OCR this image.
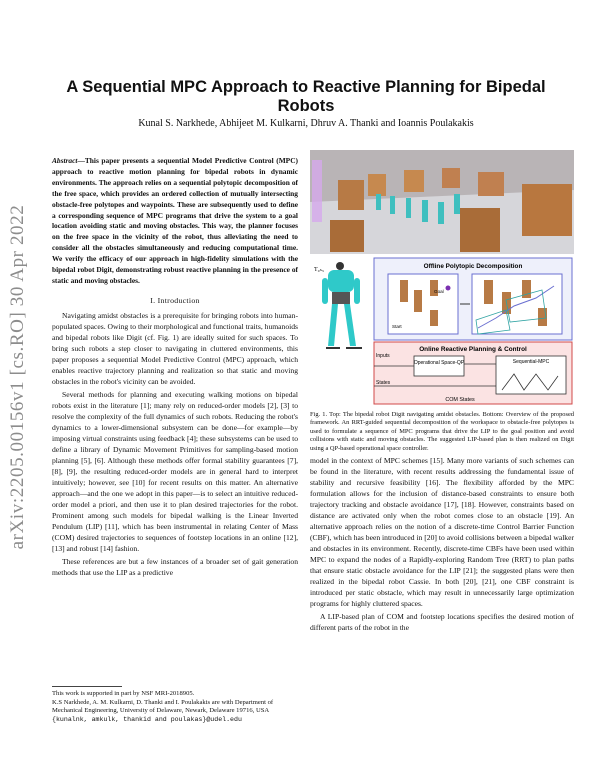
arXiv:2205.00156v1 [cs.RO] 30 Apr 2022
A Sequential MPC Approach to Reactive Planning for Bipedal Robots
Kunal S. Narkhede, Abhijeet M. Kulkarni, Dhruv A. Thanki and Ioannis Poulakakis
Abstract—This paper presents a sequential Model Predictive Control (MPC) approach to reactive motion planning for bipedal robots in dynamic environments. The approach relies on a sequential polytopic decomposition of the free space, which provides an ordered collection of mutually intersecting obstacle-free polytopes and waypoints. These are subsequently used to define a corresponding sequence of MPC programs that drive the system to a goal location avoiding static and moving obstacles. This way, the planner focuses on the free space in the vicinity of the robot, thus alleviating the need to consider all the obstacles simultaneously and reducing computational time. We verify the efficacy of our approach in high-fidelity simulations with the bipedal robot Digit, demonstrating robust reactive planning in the presence of static and moving obstacles.
I. Introduction

Navigating amidst obstacles is a prerequisite for bringing robots into human-populated spaces. Owing to their morphological and functional traits, humanoids and bipedal robots like Digit (cf. Fig. 1) are ideally suited for such spaces. To bring such robots a step closer to navigating in cluttered environments, this paper proposes a sequential Model Predictive Control (MPC) approach, which enables reactive trajectory planning and realization so that static and moving obstacles in the robot's vicinity can be avoided.

Several methods for planning and executing walking motions on bipedal robots exist in the literature [1]; many rely on reduced-order models [2], [3] to resolve the complexity of the full dynamics of such robots. Reducing the robot's dynamics to a lower-dimensional subsystem can be done—for example—by imposing virtual constraints using feedback [4]; these subsystems can be used to define a library of Dynamic Movement Primitives for sampling-based motion planning [5], [6]. Although these methods offer formal stability guarantees [7], [8], [9], the resulting reduced-order models are in general hard to interpret intuitively; however, see [10] for recent results on this matter. An alternative approach—and the one we adopt in this paper—is to select an intuitive reduced-order model a priori, and then use it to plan desired trajectories for the robot. Prominent among such models for bipedal walking is the Linear Inverted Pendulum (LIP) [11], which has been instrumental in relating Center of Mass (COM) desired trajectories to sequences of footstep locations in an online [12], [13] and robust [14] fashion.

These references are but a few instances of a broader set of gait generation methods that use the LIP as a predictive

This work is supported in part by NSF MRI-2018905.
K.S Narkhede, A. M. Kulkarni, D. Thanki and I. Poulakakis are with Department of Mechanical Engineering, University of Delaware, Newark, Delaware 19716, USA {kunalnk, amkulk, thankid and poulakas}@udel.edu
T₀ₛ₅	Offline Polytopic Decomposition
Goal
Start
Online Reactive Planning & Control
Operational Space-QP	Sequential-MPC
Inputs
States
COM States
Fig. 1. Top: The bipedal robot Digit navigating amidst obstacles. Bottom: Overview of the proposed framework. An RRT-guided sequential decomposition of the workspace to obstacle-free polytopes is used to formulate a sequence of MPC programs that drive the LIP to the goal position and avoid collisions with static and moving obstacles. The suggested LIP-based plan is then realized on Digit using a QP-based operational space controller.

model in the context of MPC schemes [15]. Many more variants of such schemes can be found in the literature, with recent results addressing the fundamental issue of stability and recursive feasibility [16]. The flexibility afforded by the MPC formulation allows for the inclusion of distance-based constraints to ensure both trajectory tracking and obstacle avoidance [17], [18]. However, constraints based on distance are activated only when the robot comes close to an obstacle [19]. An alternative approach relies on the notion of a discrete-time Control Barrier Function (CBF), which has been introduced in [20] to avoid collisions between a bipedal walker and obstacles in its environment. Recently, discrete-time CBFs have been used within MPC to expand the nodes of a Rapidly-exploring Random Tree (RRT) to plan paths that ensure static obstacle avoidance for the LIP [21]; the suggested plans were then realized in the bipedal robot Cassie. In both [20], [21], one CBF constraint is introduced per static obstacle, which may result in unnecessarily large optimization programs for highly cluttered spaces.

A LIP-based plan of COM and footstep locations specifies the desired motion of different parts of the robot in the
